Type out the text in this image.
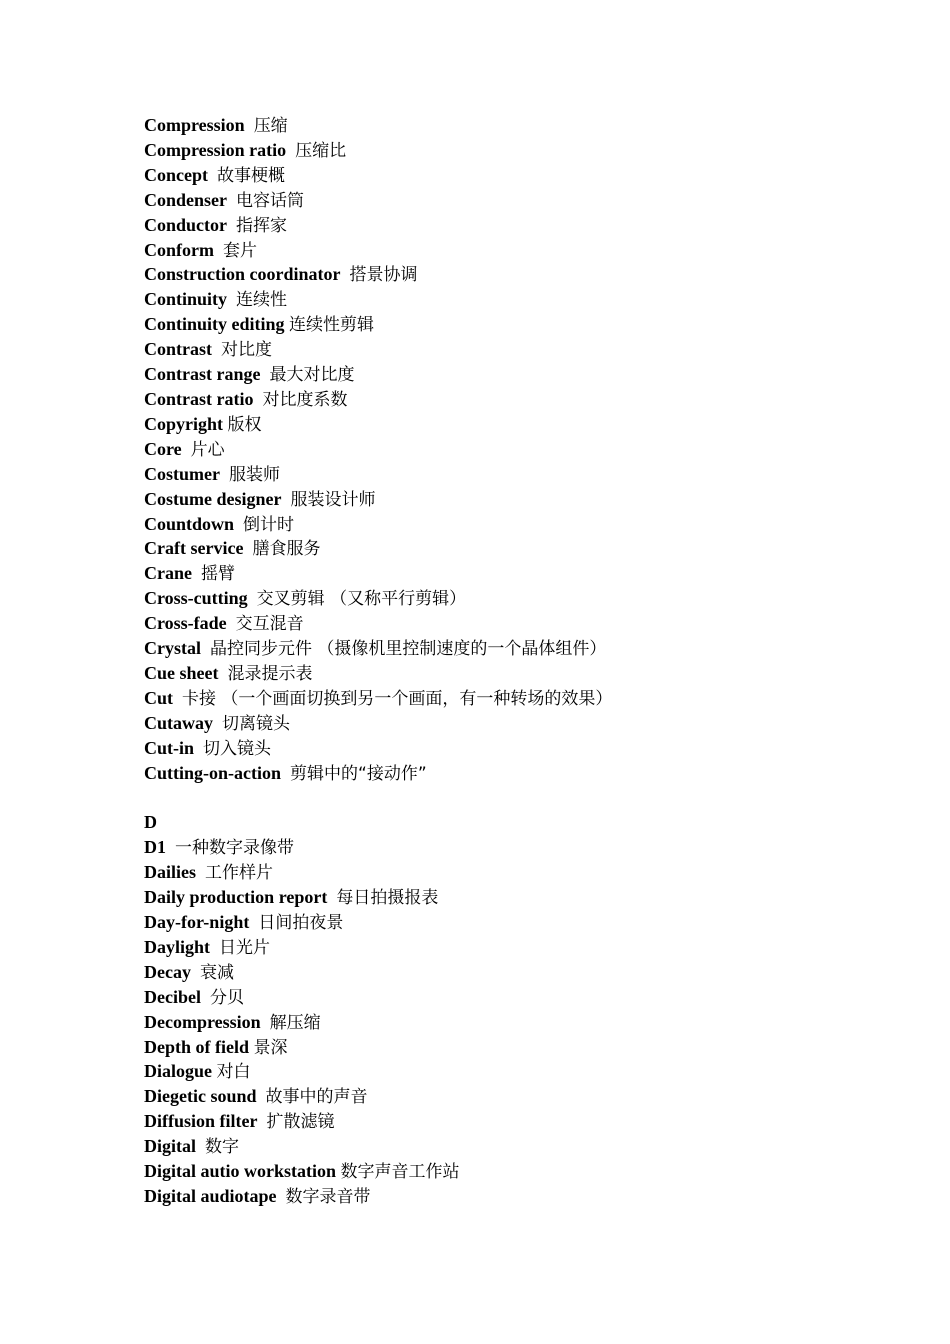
Compression 压缩
Compression ratio 压缩比
Concept 故事梗概
Condenser 电容话筒
Conductor 指挥家
Conform 套片
Construction coordinator 搭景协调
Continuity 连续性
Continuity editing 连续性剪辑
Contrast 对比度
Contrast range 最大对比度
Contrast ratio 对比度系数
Copyright 版权
Core 片心
Costumer 服装师
Costume designer 服装设计师
Countdown 倒计时
Craft service 膳食服务
Crane 摇臂
Cross-cutting 交叉剪辑 （又称平行剪辑）
Cross-fade 交互混音
Crystal 晶控同步元件 （摄像机里控制速度的一个晶体组件）
Cue sheet 混录提示表
Cut 卡接 （一个画面切换到另一个画面，有一种转场的效果）
Cutaway 切离镜头
Cut-in 切入镜头
Cutting-on-action 剪辑中的“接动作”
D
D1 一种数字录像带
Dailies 工作样片
Daily production report 每日拍摄报表
Day-for-night 日间拍夜景
Daylight 日光片
Decay 衰减
Decibel 分贝
Decompression 解压缩
Depth of field 景深
Dialogue 对白
Diegetic sound 故事中的声音
Diffusion filter 扩散滤镜
Digital 数字
Digital autio workstation 数字声音工作站
Digital audiotape 数字录音带
